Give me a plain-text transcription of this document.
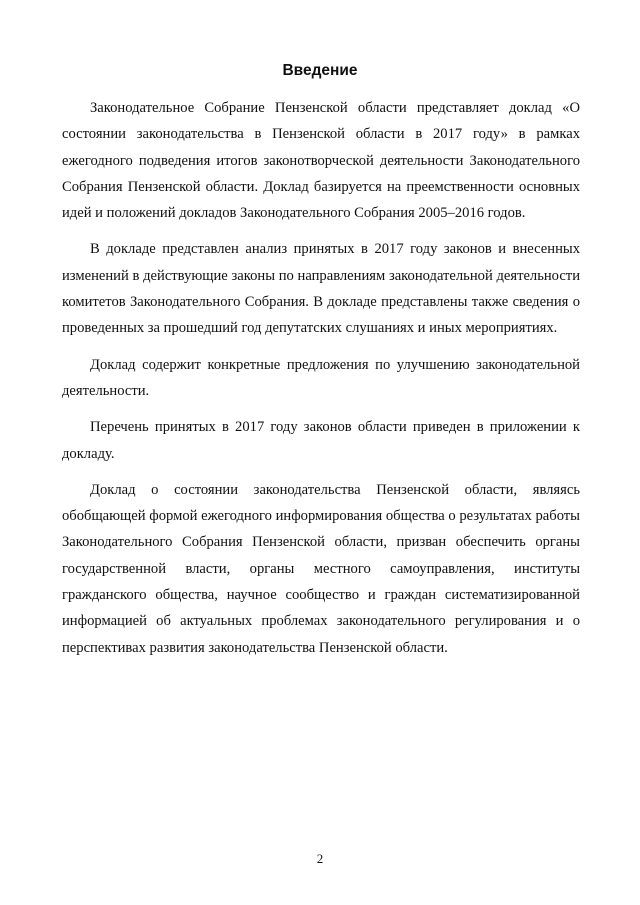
Введение

Законодательное Собрание Пензенской области представляет доклад «О состоянии законодательства в Пензенской области в 2017 году» в рамках ежегодного подведения итогов законотворческой деятельности Законодательного Собрания Пензенской области. Доклад базируется на преемственности основных идей и положений докладов Законодательного Собрания 2005–2016 годов.

В докладе представлен анализ принятых в 2017 году законов и внесенных изменений в действующие законы по направлениям законодательной деятельности комитетов Законодательного Собрания. В докладе представлены также сведения о проведенных за прошедший год депутатских слушаниях и иных мероприятиях.

Доклад содержит конкретные предложения по улучшению законодательной деятельности.

Перечень принятых в 2017 году законов области приведен в приложении к докладу.

Доклад о состоянии законодательства Пензенской области, являясь обобщающей формой ежегодного информирования общества о результатах работы Законодательного Собрания Пензенской области, призван обеспечить органы государственной власти, органы местного самоуправления, институты гражданского общества, научное сообщество и граждан систематизированной информацией об актуальных проблемах законодательного регулирования и о перспективах развития законодательства Пензенской области.

2
